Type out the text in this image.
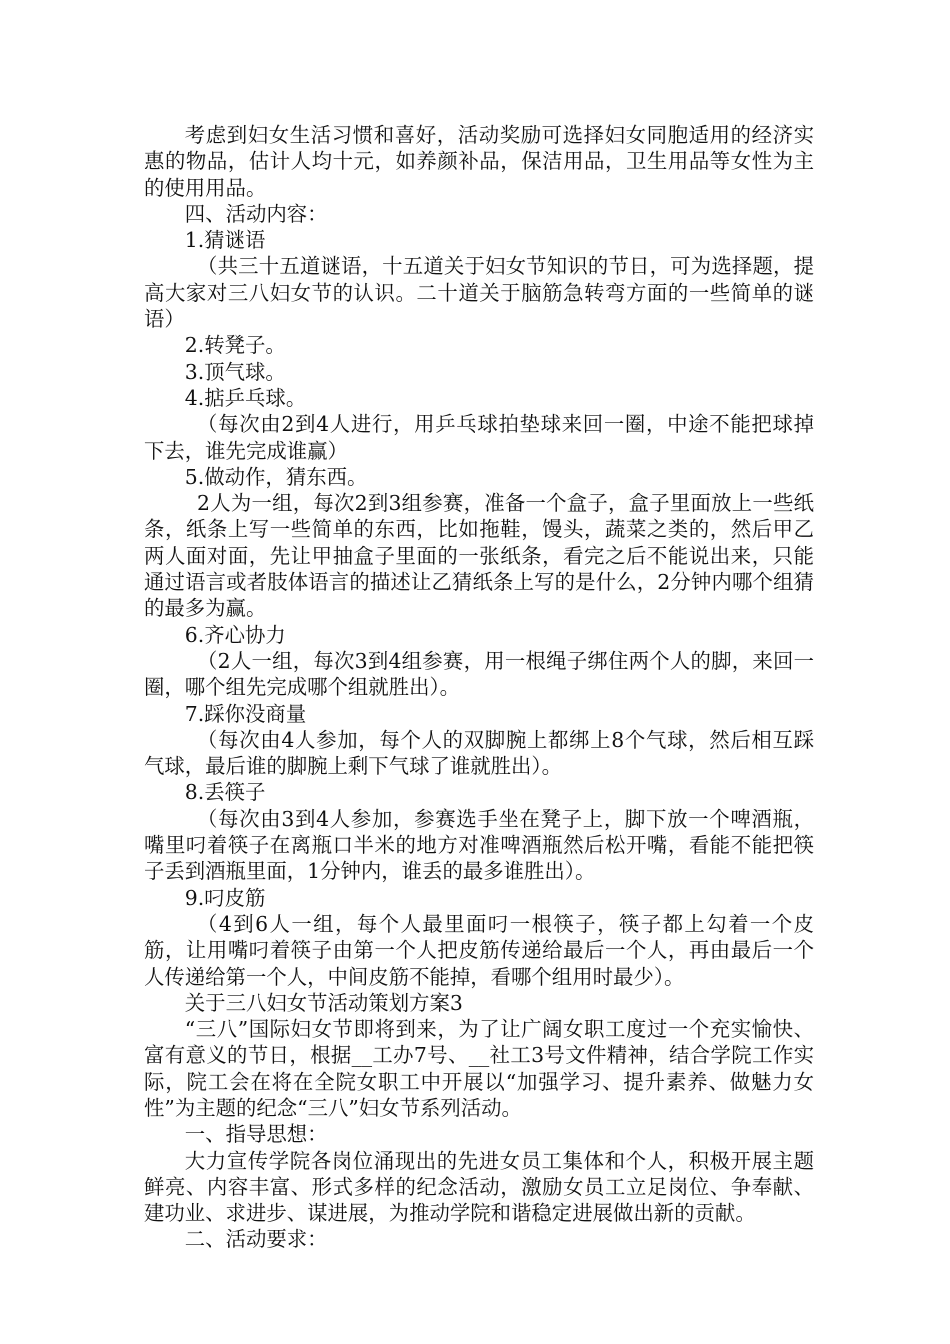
考虑到妇女生活习惯和喜好，活动奖励可选择妇女同胞适用的经济实惠的物品，估计人均十元，如养颜补品，保洁用品，卫生用品等女性为主的使用用品。

四、活动内容：

1.猜谜语

（共三十五道谜语，十五道关于妇女节知识的节日，可为选择题，提高大家对三八妇女节的认识。二十道关于脑筋急转弯方面的一些简单的谜语）

2.转凳子。

3.顶气球。

4.掂乒乓球。

（每次由2到4人进行，用乒乓球拍垫球来回一圈，中途不能把球掉下去，谁先完成谁赢）

5.做动作，猜东西。

2人为一组，每次2到3组参赛，准备一个盒子，盒子里面放上一些纸条，纸条上写一些简单的东西，比如拖鞋，馒头，蔬菜之类的，然后甲乙两人面对面，先让甲抽盒子里面的一张纸条，看完之后不能说出来，只能通过语言或者肢体语言的描述让乙猜纸条上写的是什么，2分钟内哪个组猜的最多为赢。

6.齐心协力

（2人一组，每次3到4组参赛，用一根绳子绑住两个人的脚，来回一圈，哪个组先完成哪个组就胜出）。

7.踩你没商量

（每次由4人参加，每个人的双脚腕上都绑上8个气球，然后相互踩气球，最后谁的脚腕上剩下气球了谁就胜出）。

8.丢筷子

（每次由3到4人参加，参赛选手坐在凳子上，脚下放一个啤酒瓶，嘴里叼着筷子在离瓶口半米的地方对准啤酒瓶然后松开嘴，看能不能把筷子丢到酒瓶里面，1分钟内，谁丢的最多谁胜出）。

9.叼皮筋

（4到6人一组，每个人最里面叼一根筷子，筷子都上勾着一个皮筋，让用嘴叼着筷子由第一个人把皮筋传递给最后一个人，再由最后一个人传递给第一个人，中间皮筋不能掉，看哪个组用时最少）。

关于三八妇女节活动策划方案3

“三八”国际妇女节即将到来，为了让广阔女职工度过一个充实愉快、富有意义的节日，根据__工办7号、__社工3号文件精神，结合学院工作实际，院工会在将在全院女职工中开展以“加强学习、提升素养、做魅力女性”为主题的纪念“三八”妇女节系列活动。

一、指导思想：

大力宣传学院各岗位涌现出的先进女员工集体和个人，积极开展主题鲜亮、内容丰富、形式多样的纪念活动，激励女员工立足岗位、争奉献、建功业、求进步、谋进展，为推动学院和谐稳定进展做出新的贡献。

二、活动要求：
